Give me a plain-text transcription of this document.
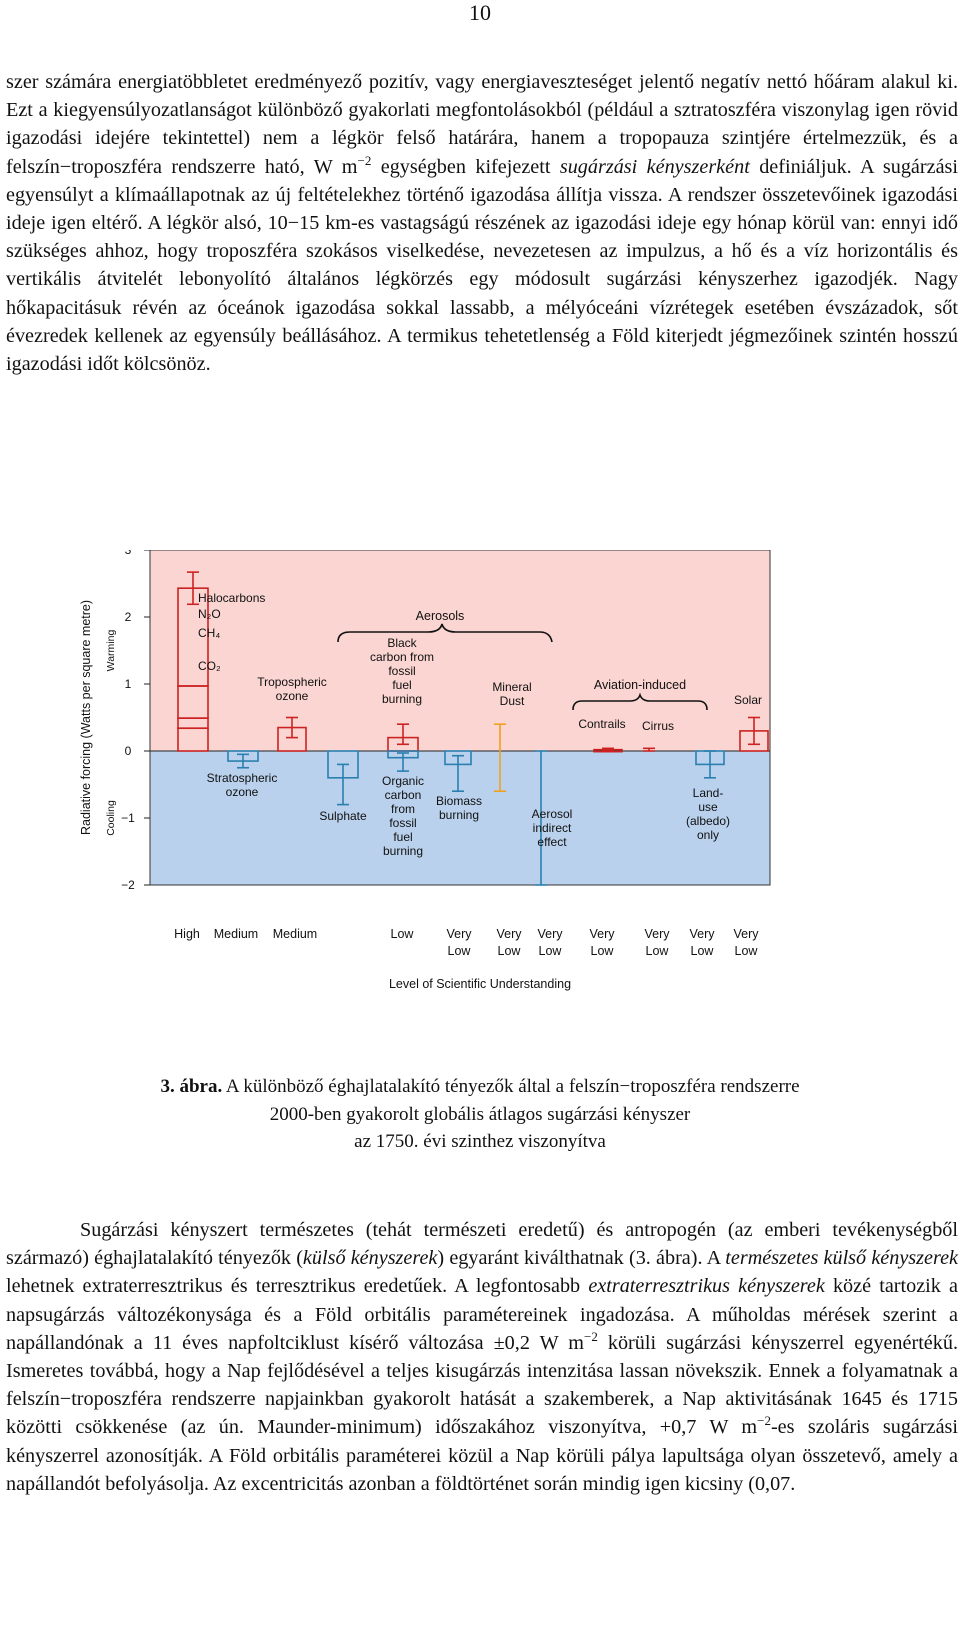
10

szer számára energiatöbbletet eredményező pozitív, vagy energiaveszteséget jelentő negatív nettó hőáram alakul ki. Ezt a kiegyensúlyozatlanságot különböző gyakorlati megfontolásokból (például a sztratoszféra viszonylag igen rövid igazodási idejére tekintettel) nem a légkör felső határára, hanem a tropopauza szintjére értelmezzük, és a felszín−troposzféra rendszerre ható, W $m^{-2}$ egységben kifejezett sugárzási kényszerként definiáljuk. A sugárzási egyensúlyt a klímaállapotnak az új feltételekhez történő igazodása állítja vissza. A rendszer összetevőinek igazodási ideje igen eltérő. A légkör alsó, 10−15 km-es vastagságú részének az igazodási ideje egy hónap körül van: ennyi idő szükséges ahhoz, hogy troposzféra szokásos viselkedése, nevezetesen az impulzus, a hő és a víz horizontális és vertikális átvitelét lebonyolító általános légkörzés egy módosult sugárzási kényszerhez igazodjék. Nagy hőkapacitásuk révén az óceánok igazodása sokkal lassabb, a mélyóceáni vízrétegek esetében évszázadok, sőt évezredek kellenek az egyensúly beállásához. A termikus tehetetlenség a Föld kiterjedt jégmezőinek szintén hosszú igazodási időt kölcsönöz.

3
2
1
0
−1
−2
Radiative forcing (Watts per square metre) Warming
Cooling
Halocarbons
N₂O
CH₄
CO₂
Stratospheric ozone
Tropospheric ozone
Sulphate
Black carbon from fossil fuel burning
Organic carbon from fossil fuel burning
Biomass burning
Mineral Dust
Aerosol indirect effect
Contrails Cirrus
Land-use (albedo) only
Solar
Aerosols
Aviation-induced
High Medium Medium	Low	Very
Low
Very
Low
Very
Low
Very
Low
Very
Low
Very
Low
Very
Low
Level of Scientific Understanding
3. ábra. A különböző éghajlatalakító tényezők által a felszín−troposzféra rendszerre
2000-ben gyakorolt globális átlagos sugárzási kényszer
az 1750. évi szinthez viszonyítva

Sugárzási kényszert természetes (tehát természeti eredetű) és antropogén (az emberi tevékenységből származó) éghajlatalakító tényezők (külső kényszerek) egyaránt kiválthatnak (3. ábra). A természetes külső kényszerek lehetnek extraterresztrikus és terresztrikus eredetűek. A legfontosabb extraterresztrikus kényszerek közé tartozik a napsugárzás változékonysága és a Föld orbitális paramétereinek ingadozása. A műholdas mérések szerint a napállandónak a 11 éves napfoltciklust kísérő változása ±0,2 W $m^{-2}$ körüli sugárzási kényszerrel egyenértékű. Ismeretes továbbá, hogy a Nap fejlődésével a teljes kisugárzás intenzitása lassan növekszik. Ennek a folyamatnak a felszín−troposzféra rendszerre napjainkban gyakorolt hatását a szakemberek, a Nap aktivitásának 1645 és 1715 közötti csökkenése (az ún. Maunder-minimum) időszakához viszonyítva, +0,7 W $m^{-2}-es$ szoláris sugárzási kényszerrel azonosítják. A Föld orbitális paraméterei közül a Nap körüli pálya lapultsága olyan összetevő, amely a napállandót befolyásolja. Az excentricitás azonban a földtörténet során mindig igen kicsiny (0,07.
